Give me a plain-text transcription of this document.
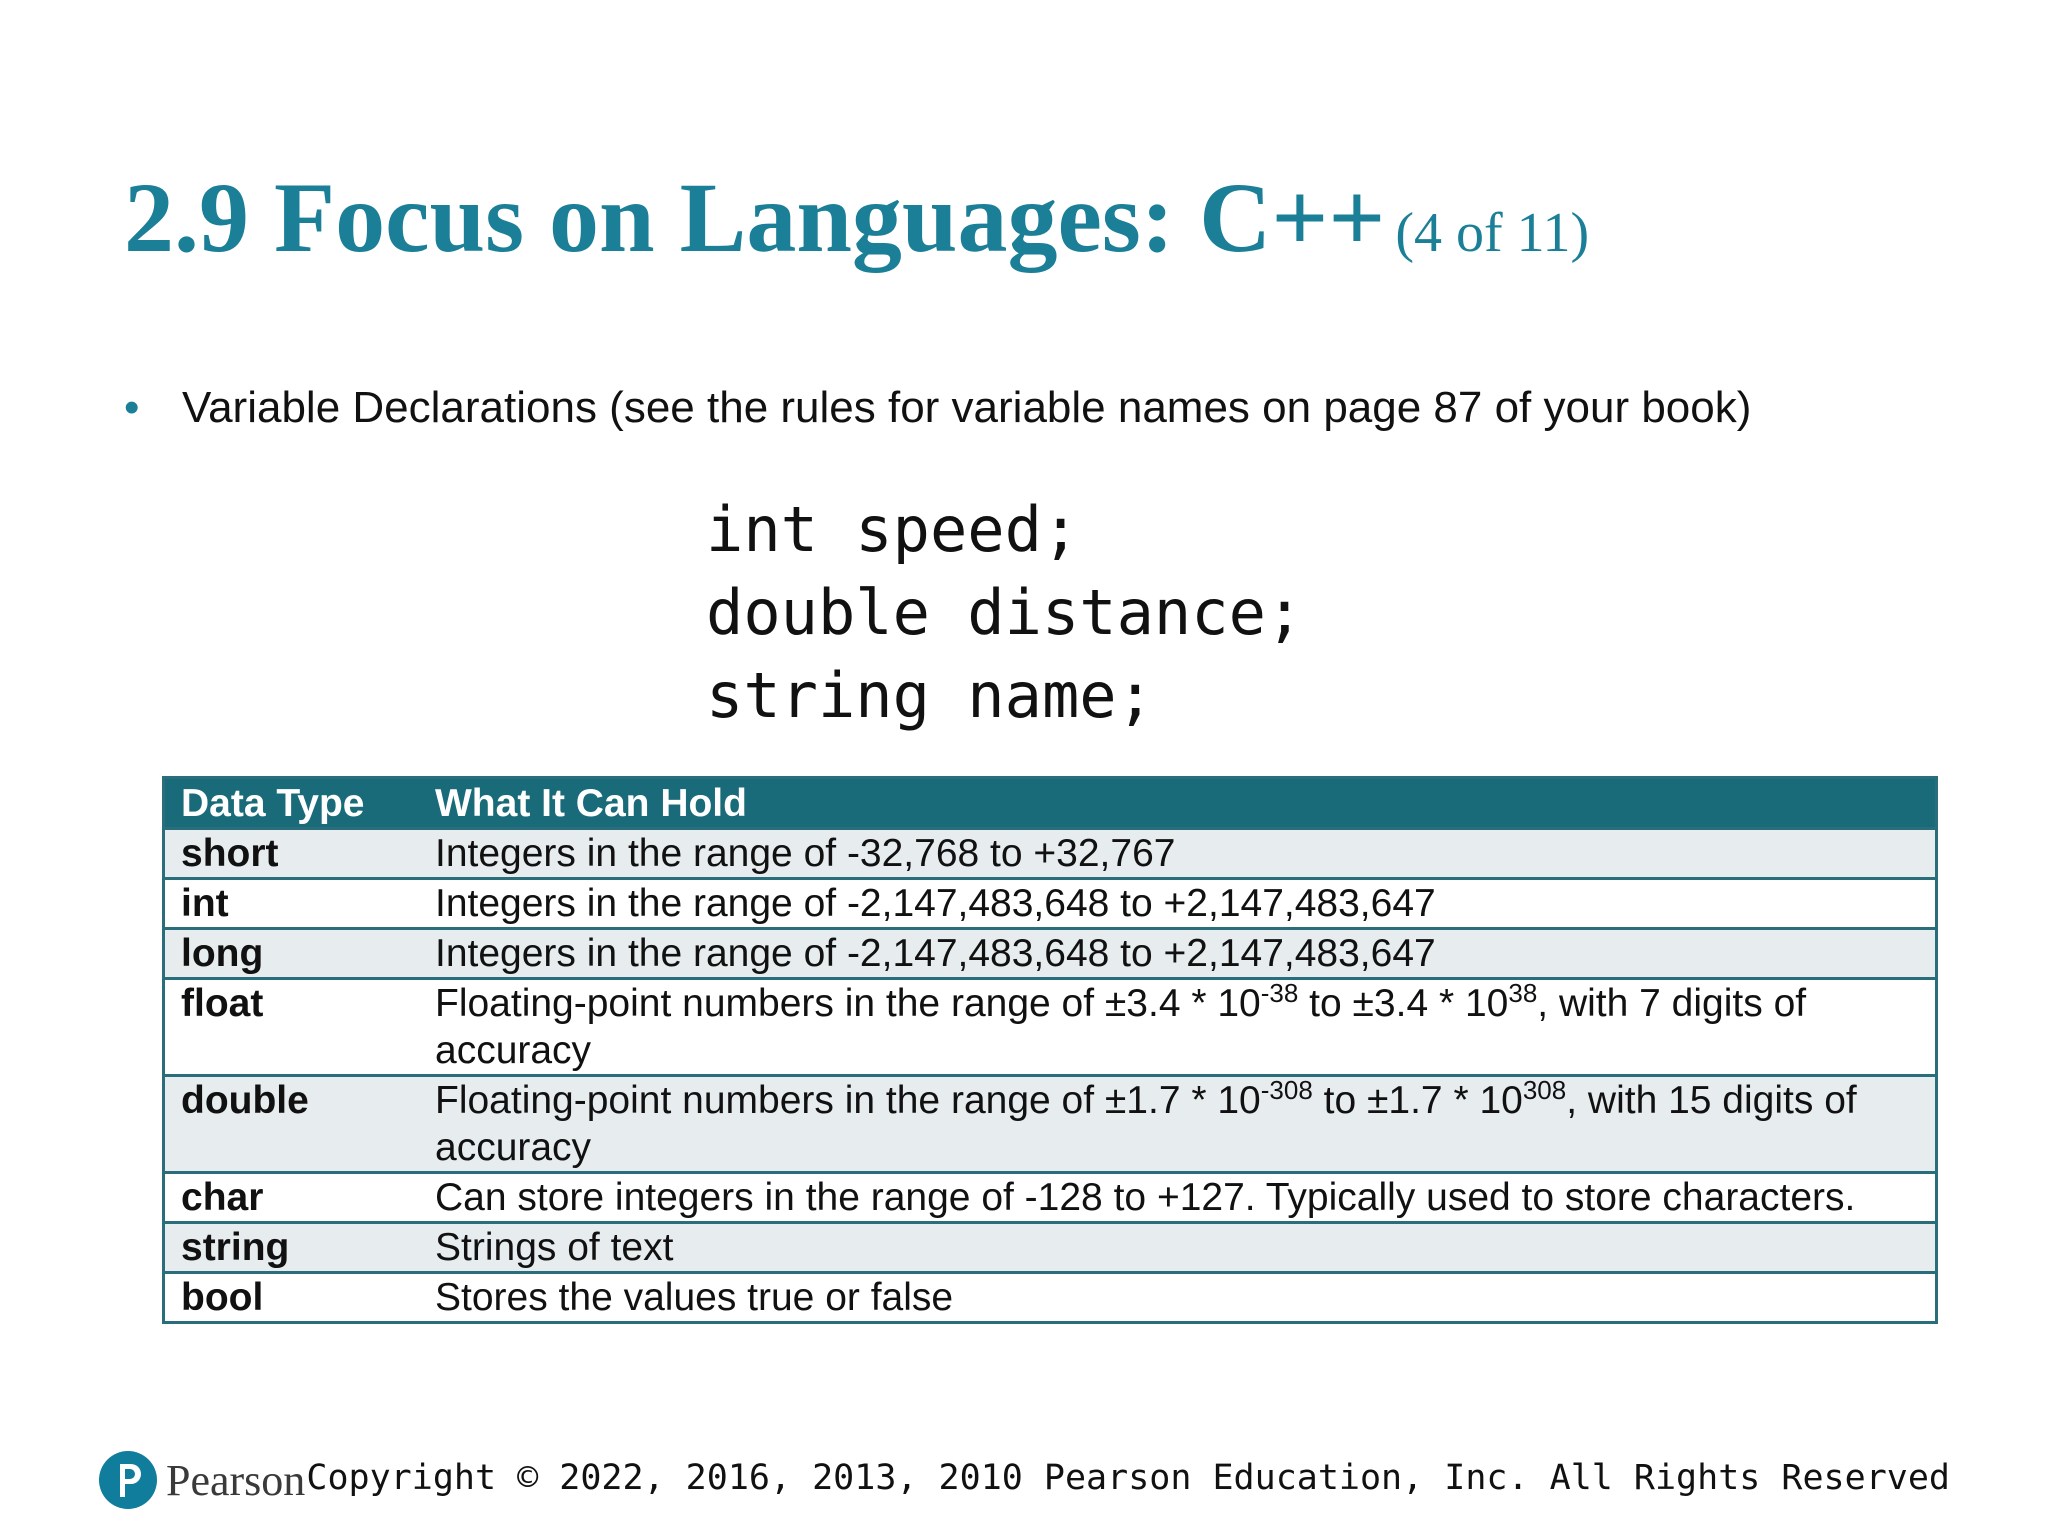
2.9 Focus on Languages: C++ (4 of 11)
• Variable Declarations (see the rules for variable names on page 87 of your book)
int speed;
double distance;
string name;
Data Type	What It Can Hold
short	Integers in the range of -32,768 to +32,767
int	Integers in the range of -2,147,483,648 to +2,147,483,647
long	Integers in the range of -2,147,483,648 to +2,147,483,647
float	Floating-point numbers in the range of $\pm 3.4 * 10^{-38}$ to $\pm 3.4 * 10^{38}$, with 7 digits of accuracy
double	Floating-point numbers in the range of $\pm 1.7 * 10^{-308}$ to $\pm 1.7 * 10^{308}$, with 15 digits of accuracy
char	Can store integers in the range of -128 to +127. Typically used to store characters.
string	Strings of text
bool	Stores the values true or false
Pearson Copyright © 2022, 2016, 2013, 2010 Pearson Education, Inc. All Rights Reserved
